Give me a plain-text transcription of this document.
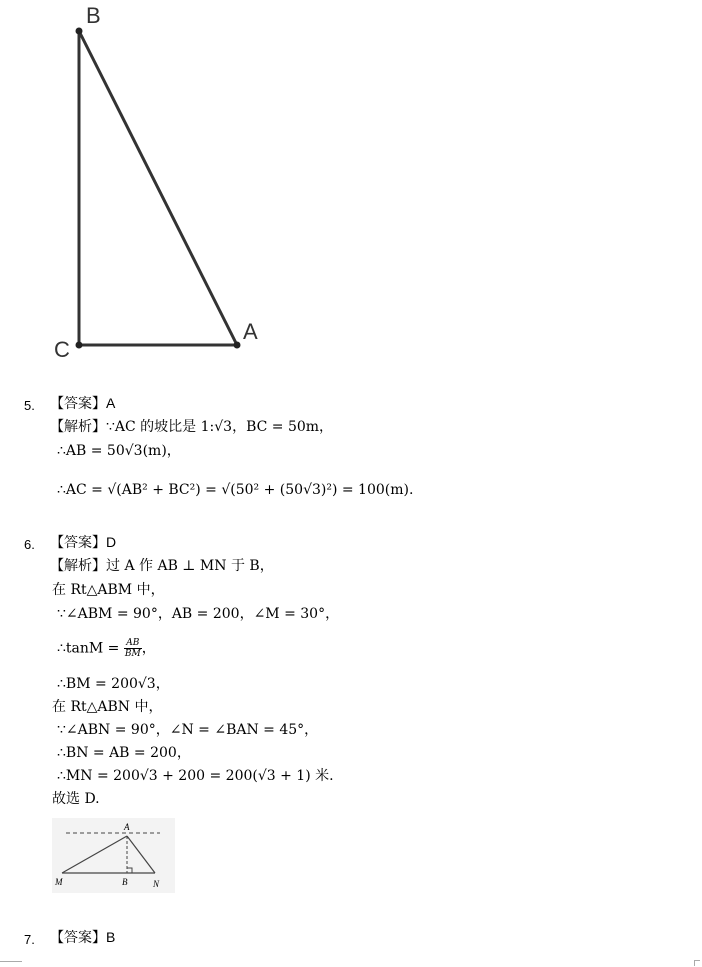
B
C
A
5. 【答案】A
【解析】∵AC 的坡比是 1:√3，BC = 50m，
∴AB = 50√3(m)，
∴AC = √(AB² + BC²) = √(50² + (50√3)²) = 100(m).
6. 【答案】D
【解析】过 A 作 AB ⊥ MN 于 B，
在 Rt△ABM 中，
∵∠ABM = 90°，AB = 200，∠M = 30°，
∴tanM = $\frac{AB}{BM}$ ，
∴BM = 200√3，
在 Rt△ABN 中，
∵∠ABN = 90°，∠N = ∠BAN = 45°，
∴BN = AB = 200，
∴MN = 200√3 + 200 = 200(√3 + 1) 米.
故选 D.
A
M	B	N
7. 【答案】B
